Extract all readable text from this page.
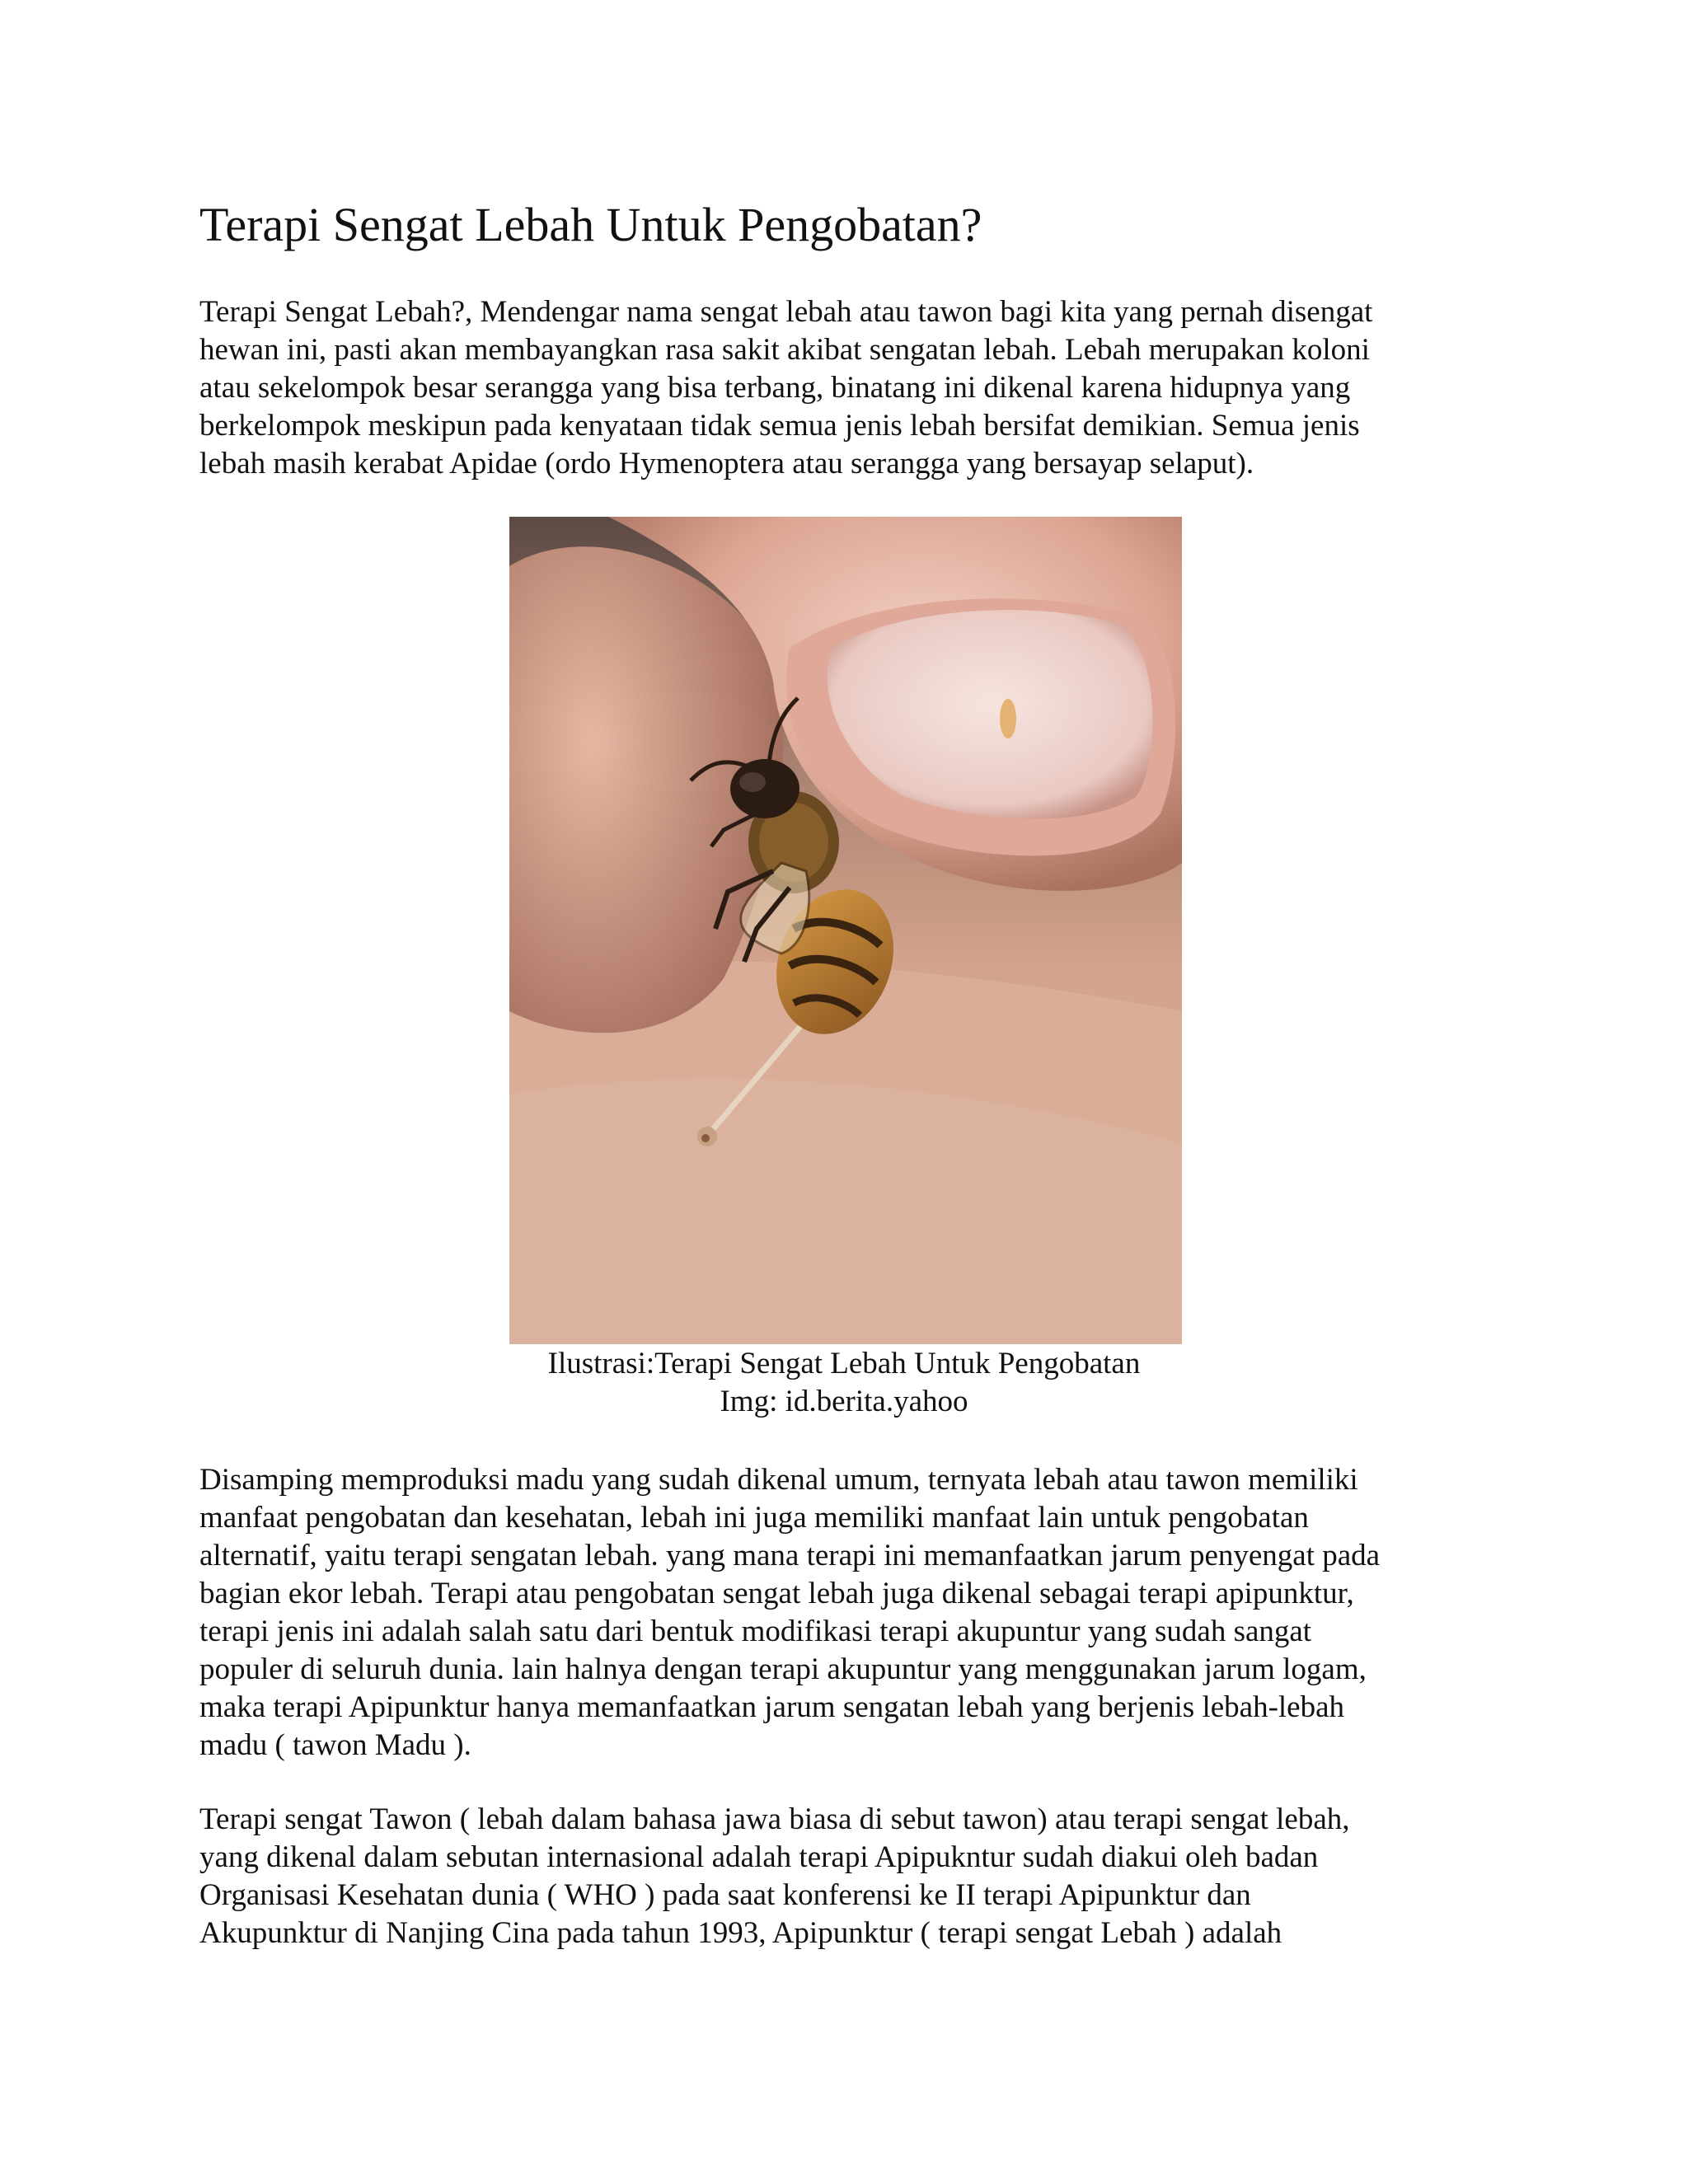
Terapi Sengat Lebah Untuk Pengobatan?
Terapi Sengat Lebah?, Mendengar nama sengat lebah atau tawon bagi kita yang pernah disengat
hewan ini, pasti akan membayangkan rasa sakit akibat sengatan lebah. Lebah merupakan koloni
atau sekelompok besar serangga yang bisa terbang, binatang ini dikenal karena hidupnya yang
berkelompok meskipun pada kenyataan tidak semua jenis lebah bersifat demikian. Semua jenis
lebah masih kerabat Apidae (ordo Hymenoptera atau serangga yang bersayap selaput).

Ilustrasi:Terapi Sengat Lebah Untuk Pengobatan

Img: id.berita.yahoo

Disamping memproduksi madu yang sudah dikenal umum, ternyata lebah atau tawon memiliki
manfaat pengobatan dan kesehatan, lebah ini juga memiliki manfaat lain untuk pengobatan
alternatif, yaitu terapi sengatan lebah. yang mana terapi ini memanfaatkan jarum penyengat pada
bagian ekor lebah. Terapi atau pengobatan sengat lebah juga dikenal sebagai terapi apipunktur,
terapi jenis ini adalah salah satu dari bentuk modifikasi terapi akupuntur yang sudah sangat
populer di seluruh dunia. lain halnya dengan terapi akupuntur yang menggunakan jarum logam,
maka terapi Apipunktur hanya memanfaatkan jarum sengatan lebah yang berjenis lebah-lebah
madu ( tawon Madu ).
Terapi sengat Tawon ( lebah dalam bahasa jawa biasa di sebut tawon) atau terapi sengat lebah,
yang dikenal dalam sebutan internasional adalah terapi Apipukntur sudah diakui oleh badan
Organisasi Kesehatan dunia ( WHO ) pada saat konferensi ke II terapi Apipunktur dan
Akupunktur di Nanjing Cina pada tahun 1993, Apipunktur ( terapi sengat Lebah ) adalah
